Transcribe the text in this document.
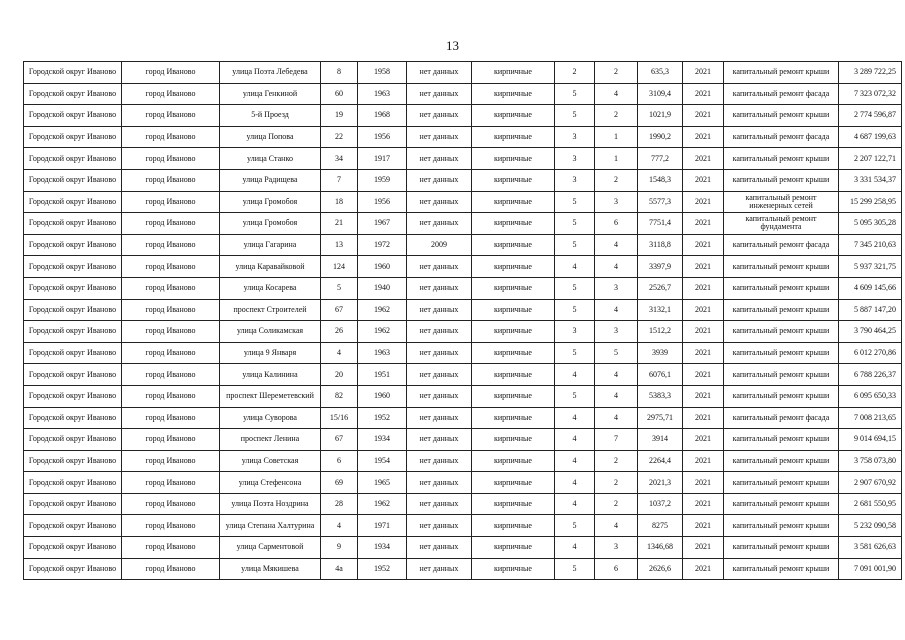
13
Городской округ Иваново	город Иваново	улица Поэта Лебедева	8	1958	нет данных	кирпичные	2	2	635,3	2021	капитальный ремонт крыши	3 289 722,25
Городской округ Иваново	город Иваново	улица Генкиной	60	1963	нет данных	кирпичные	5	4	3109,4	2021	капитальный ремонт фасада	7 323 072,32
Городской округ Иваново	город Иваново	5-й Проезд	19	1968	нет данных	кирпичные	5	2	1021,9	2021	капитальный ремонт крыши	2 774 596,87
Городской округ Иваново	город Иваново	улица Попова	22	1956	нет данных	кирпичные	3	1	1990,2	2021	капитальный ремонт фасада	4 687 199,63
Городской округ Иваново	город Иваново	улица Станко	34	1917	нет данных	кирпичные	3	1	777,2	2021	капитальный ремонт крыши	2 207 122,71
Городской округ Иваново	город Иваново	улица Радищева	7	1959	нет данных	кирпичные	3	2	1548,3	2021	капитальный ремонт крыши	3 331 534,37
Городской округ Иваново	город Иваново	улица Громобоя	18	1956	нет данных	кирпичные	5	3	5577,3	2021	капитальный ремонт инженерных сетей	15 299 258,95
Городской округ Иваново	город Иваново	улица Громобоя	21	1967	нет данных	кирпичные	5	6	7751,4	2021	капитальный ремонт фундамента	5 095 305,28
Городской округ Иваново	город Иваново	улица Гагарина	13	1972	2009	кирпичные	5	4	3118,8	2021	капитальный ремонт фасада	7 345 210,63
Городской округ Иваново	город Иваново	улица Каравайковой	124	1960	нет данных	кирпичные	4	4	3397,9	2021	капитальный ремонт крыши	5 937 321,75
Городской округ Иваново	город Иваново	улица Косарева	5	1940	нет данных	кирпичные	5	3	2526,7	2021	капитальный ремонт крыши	4 609 145,66
Городской округ Иваново	город Иваново	проспект Строителей	67	1962	нет данных	кирпичные	5	4	3132,1	2021	капитальный ремонт крыши	5 887 147,20
Городской округ Иваново	город Иваново	улица Соликамская	26	1962	нет данных	кирпичные	3	3	1512,2	2021	капитальный ремонт крыши	3 790 464,25
Городской округ Иваново	город Иваново	улица 9 Января	4	1963	нет данных	кирпичные	5	5	3939	2021	капитальный ремонт крыши	6 012 270,86
Городской округ Иваново	город Иваново	улица Калинина	20	1951	нет данных	кирпичные	4	4	6076,1	2021	капитальный ремонт крыши	6 788 226,37
Городской округ Иваново	город Иваново	проспект Шереметевский	82	1960	нет данных	кирпичные	5	4	5383,3	2021	капитальный ремонт крыши	6 095 650,33
Городской округ Иваново	город Иваново	улица Суворова	15/16	1952	нет данных	кирпичные	4	4	2975,71	2021	капитальный ремонт фасада	7 008 213,65
Городской округ Иваново	город Иваново	проспект Ленина	67	1934	нет данных	кирпичные	4	7	3914	2021	капитальный ремонт крыши	9 014 694,15
Городской округ Иваново	город Иваново	улица Советская	6	1954	нет данных	кирпичные	4	2	2264,4	2021	капитальный ремонт крыши	3 758 073,80
Городской округ Иваново	город Иваново	улица Стефенсона	69	1965	нет данных	кирпичные	4	2	2021,3	2021	капитальный ремонт крыши	2 907 670,92
Городской округ Иваново	город Иваново	улица Поэта Ноздрина	28	1962	нет данных	кирпичные	4	2	1037,2	2021	капитальный ремонт крыши	2 681 550,95
Городской округ Иваново	город Иваново	улица Степана Халтурина	4	1971	нет данных	кирпичные	5	4	8275	2021	капитальный ремонт крыши	5 232 090,58
Городской округ Иваново	город Иваново	улица Сарментовой	9	1934	нет данных	кирпичные	4	3	1346,68	2021	капитальный ремонт крыши	3 581 626,63
Городской округ Иваново	город Иваново	улица Мякишева	4а	1952	нет данных	кирпичные	5	6	2626,6	2021	капитальный ремонт крыши	7 091 001,90
